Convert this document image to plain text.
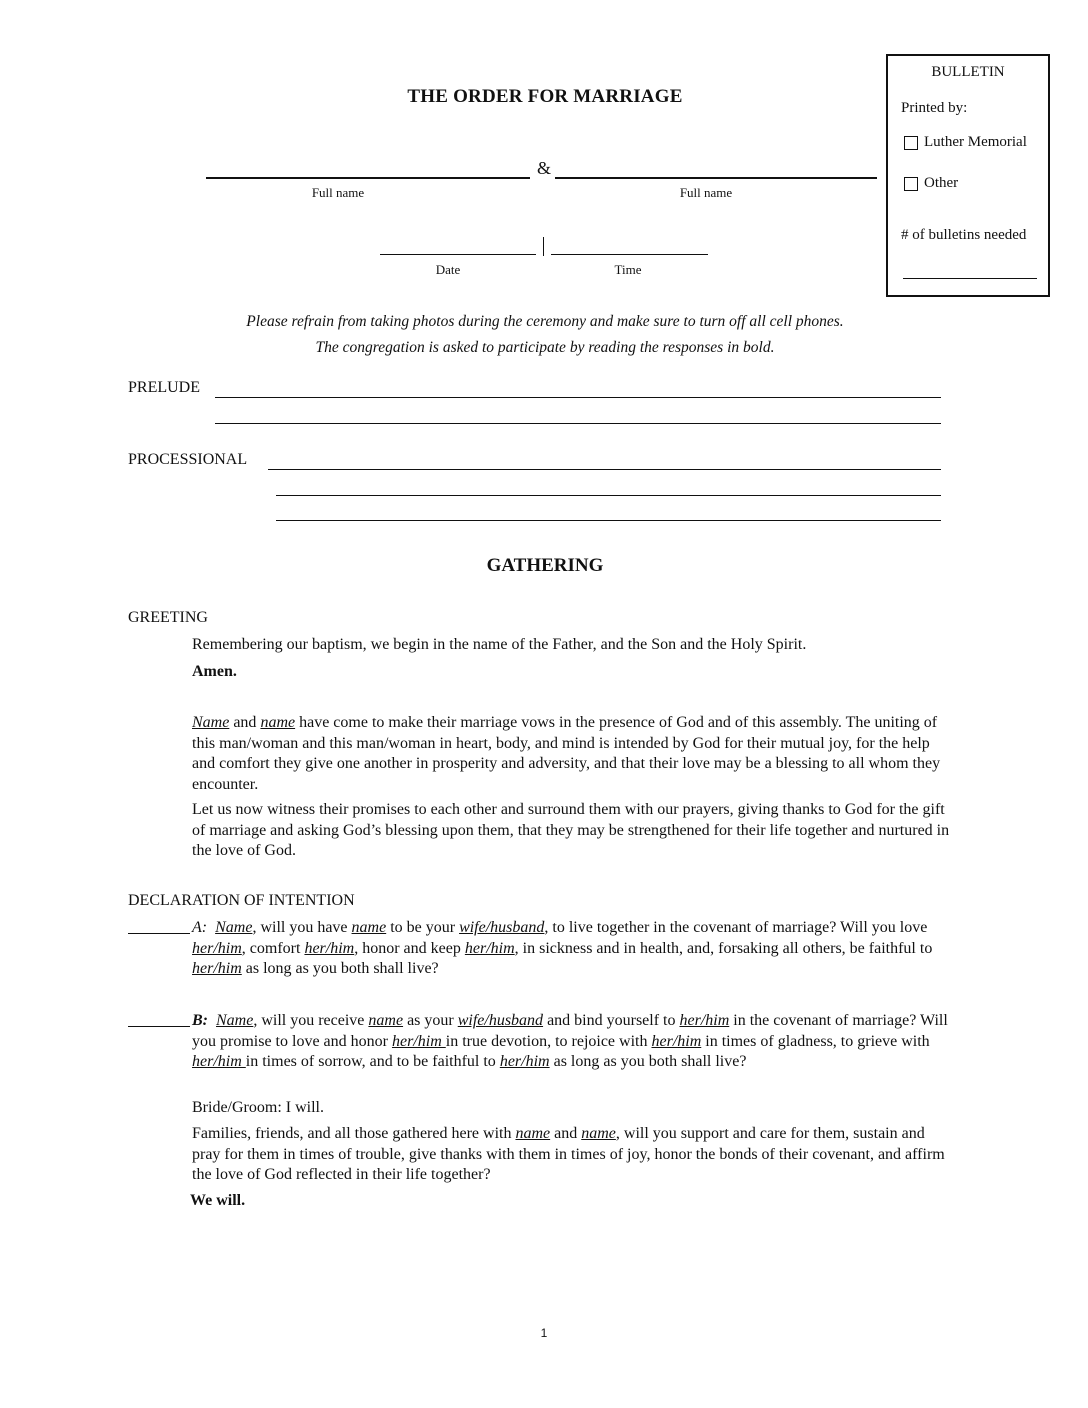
THE ORDER FOR MARRIAGE
BULLETIN
Printed by:
Luther Memorial
Other
# of bulletins needed
&
Full name	Full name
Date	Time
Please refrain from taking photos during the ceremony and make sure to turn off all cell phones.
The congregation is asked to participate by reading the responses in bold.
PRELUDE
PROCESSIONAL
GATHERING
GREETING
Remembering our baptism, we begin in the name of the Father, and the Son and the Holy Spirit.
Amen.
Name and name have come to make their marriage vows in the presence of God and of this assembly. The uniting of this man/woman and this man/woman in heart, body, and mind is intended by God for their mutual joy, for the help and comfort they give one another in prosperity and adversity, and that their love may be a blessing to all whom they encounter.
Let us now witness their promises to each other and surround them with our prayers, giving thanks to God for the gift of marriage and asking God’s blessing upon them, that they may be strengthened for their life together and nurtured in the love of God.
DECLARATION OF INTENTION
A: Name, will you have name to be your wife/husband, to live together in the covenant of marriage? Will you love her/him, comfort her/him, honor and keep her/him, in sickness and in health, and, forsaking all others, be faithful to her/him as long as you both shall live?
B: Name, will you receive name as your wife/husband and bind yourself to her/him in the covenant of marriage? Will you promise to love and honor her/him in true devotion, to rejoice with her/him in times of gladness, to grieve with her/him in times of sorrow, and to be faithful to her/him as long as you both shall live?
Bride/Groom: I will.
Families, friends, and all those gathered here with name and name, will you support and care for them, sustain and pray for them in times of trouble, give thanks with them in times of joy, honor the bonds of their covenant, and affirm the love of God reflected in their life together?
We will.
1
